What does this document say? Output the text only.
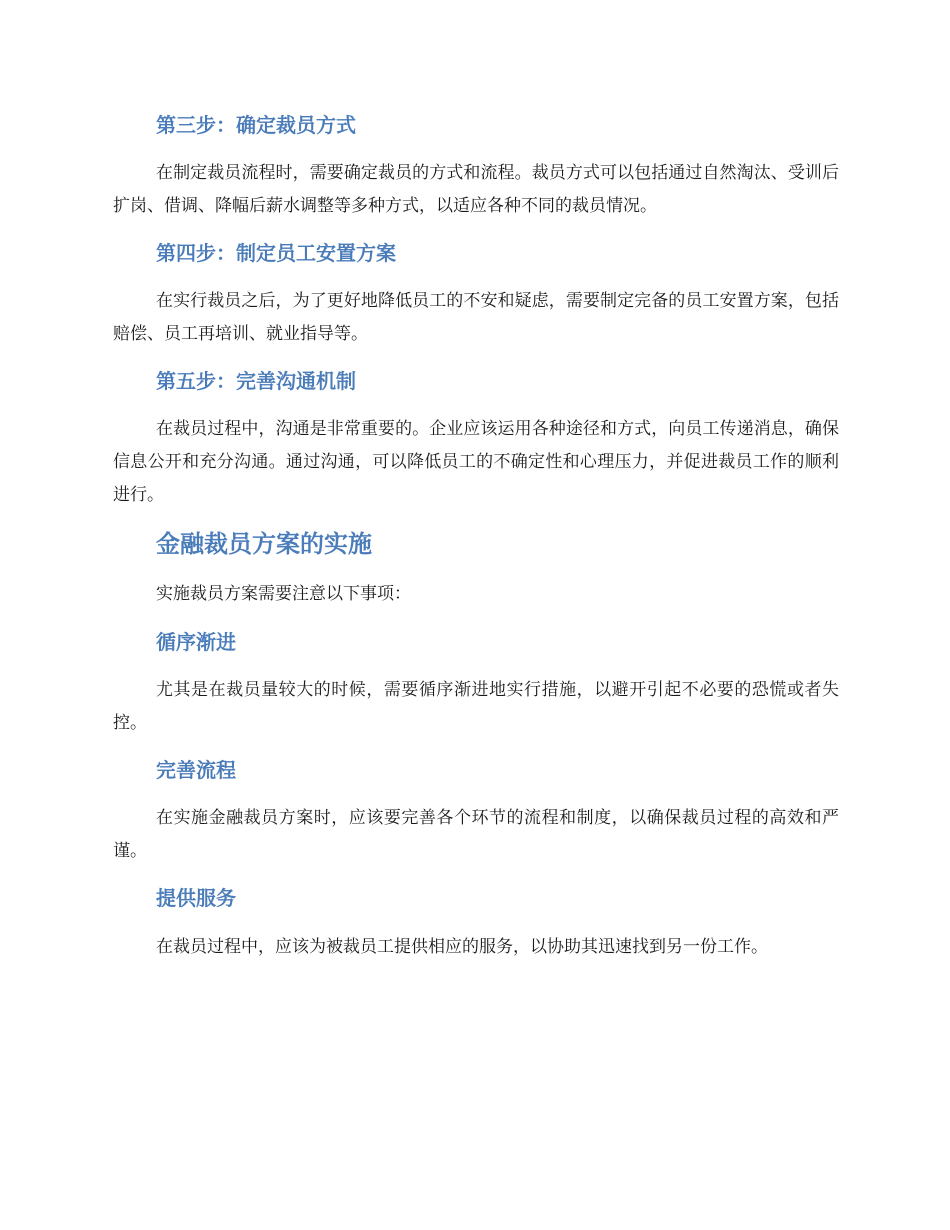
第三步：确定裁员方式
在制定裁员流程时，需要确定裁员的方式和流程。裁员方式可以包括通过自然淘汰、受训后扩岗、借调、降幅后薪水调整等多种方式，以适应各种不同的裁员情况。
第四步：制定员工安置方案
在实行裁员之后，为了更好地降低员工的不安和疑虑，需要制定完备的员工安置方案，包括赔偿、员工再培训、就业指导等。
第五步：完善沟通机制
在裁员过程中，沟通是非常重要的。企业应该运用各种途径和方式，向员工传递消息，确保信息公开和充分沟通。通过沟通，可以降低员工的不确定性和心理压力，并促进裁员工作的顺利进行。
金融裁员方案的实施
实施裁员方案需要注意以下事项：
循序渐进
尤其是在裁员量较大的时候，需要循序渐进地实行措施，以避开引起不必要的恐慌或者失控。
完善流程
在实施金融裁员方案时，应该要完善各个环节的流程和制度，以确保裁员过程的高效和严谨。
提供服务
在裁员过程中，应该为被裁员工提供相应的服务，以协助其迅速找到另一份工作。
